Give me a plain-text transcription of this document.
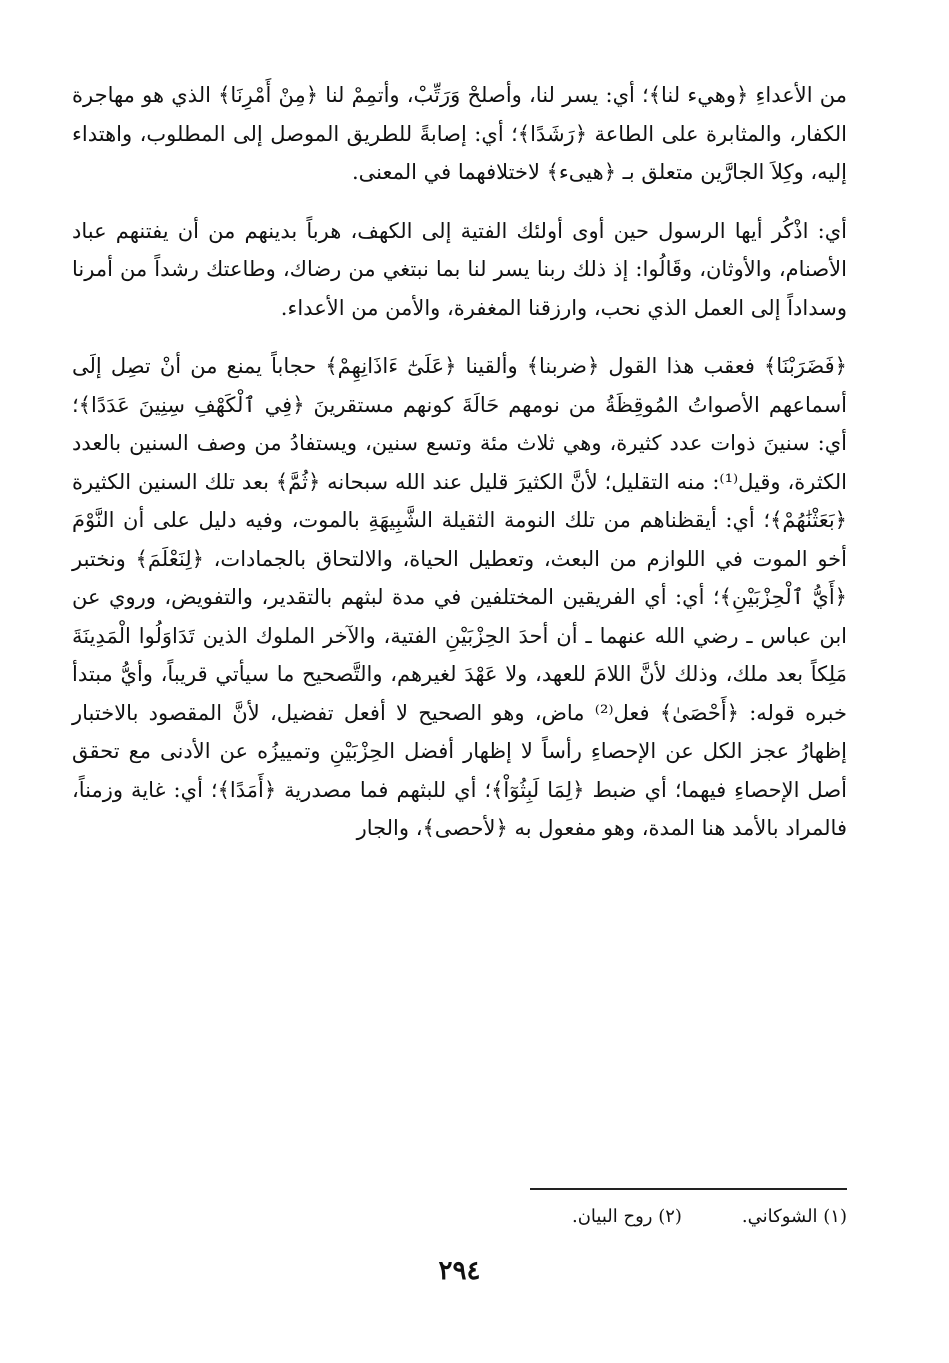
من الأعداءِ ﴿وهيء لنا﴾؛ أي: يسر لنا، وأصلحْ وَرَتِّبْ، وأتمِمْ لنا ﴿مِنْ أَمْرِنَا﴾ الذي هو مهاجرة الكفار، والمثابرة على الطاعة ﴿رَشَدًا﴾؛ أي: إصابةً للطريق الموصل إلى المطلوب، واهتداء إليه، وكِلاَ الجارَّين متعلق بـ ﴿هيىء﴾ لاختلافهما في المعنى.

أي: اذْكُر أيها الرسول حين أوى أولئك الفتية إلى الكهف، هرباً بدينهم من أن يفتنهم عباد الأصنام، والأوثان، وقَالُوا: إذ ذلك ربنا يسر لنا بما نبتغي من رضاك، وطاعتك رشداً من أمرنا وسداداً إلى العمل الذي نحب، وارزقنا المغفرة، والأمن من الأعداء.

﴿فَضَرَبْنَا﴾ فعقب هذا القول ﴿ضربنا﴾ وألقينا ﴿عَلَىٰٓ ءَاذَانِهِمْ﴾ حجاباً يمنع من أنْ تصِل إلَى أسماعهم الأصواتُ المُوقِظَةُ من نومهم حَالَةَ كونهم مستقرينَ ﴿فِي ٱلْكَهْفِ سِنِينَ عَدَدًا﴾؛ أي: سنينَ ذوات عدد كثيرة، وهي ثلاث مئة وتسع سنين، ويستفادُ من وصف السنين بالعدد الكثرة، وقيل⁽¹⁾: منه التقليل؛ لأنَّ الكثيرَ قليل عند الله سبحانه ﴿ثُمَّ﴾ بعد تلك السنين الكثيرة ﴿بَعَثْنَٰهُمْ﴾؛ أي: أيقظناهم من تلك النومة الثقيلة الشَّبِيهَةِ بالموت، وفيه دليل على أن النَّوْمَ أخو الموت في اللوازم من البعث، وتعطيل الحياة، والالتحاق بالجمادات، ﴿لِنَعْلَمَ﴾ ونختبر ﴿أَيُّ ٱلْحِزْبَيْنِ﴾؛ أي: أي الفريقين المختلفين في مدة لبثهم بالتقدير، والتفويض، وروي عن ابن عباس ـ رضي الله عنهما ـ أن أحدَ الحِزْبَيْنِ الفتية، والآخر الملوك الذين تَدَاوَلُوا الْمَدِينَةَ مَلِكاً بعد ملك، وذلك لأنَّ اللامَ للعهد، ولا عَهْدَ لغيرهم، والتَّصحيح ما سيأتي قريباً، وأيُّ مبتدأ خبره قوله: ﴿أَحْصَىٰ﴾ فعل⁽²⁾ ماض، وهو الصحيح لا أفعل تفضيل، لأنَّ المقصود بالاختبار إظهارُ عجز الكل عن الإحصاءِ رأساً لا إظهار أفضل الحِزْبَيْنِ وتمييزُه عن الأدنى مع تحقق أصل الإحصاءِ فيهما؛ أي ضبط ﴿لِمَا لَبِثُوٓاْ﴾؛ أي للبثهم فما مصدرية ﴿أَمَدًا﴾؛ أي: غاية وزمناً، فالمراد بالأمد هنا المدة، وهو مفعول به ﴿لأحصى﴾، والجار

(١) الشوكاني.
(٢) روح البيان.
٢٩٤
